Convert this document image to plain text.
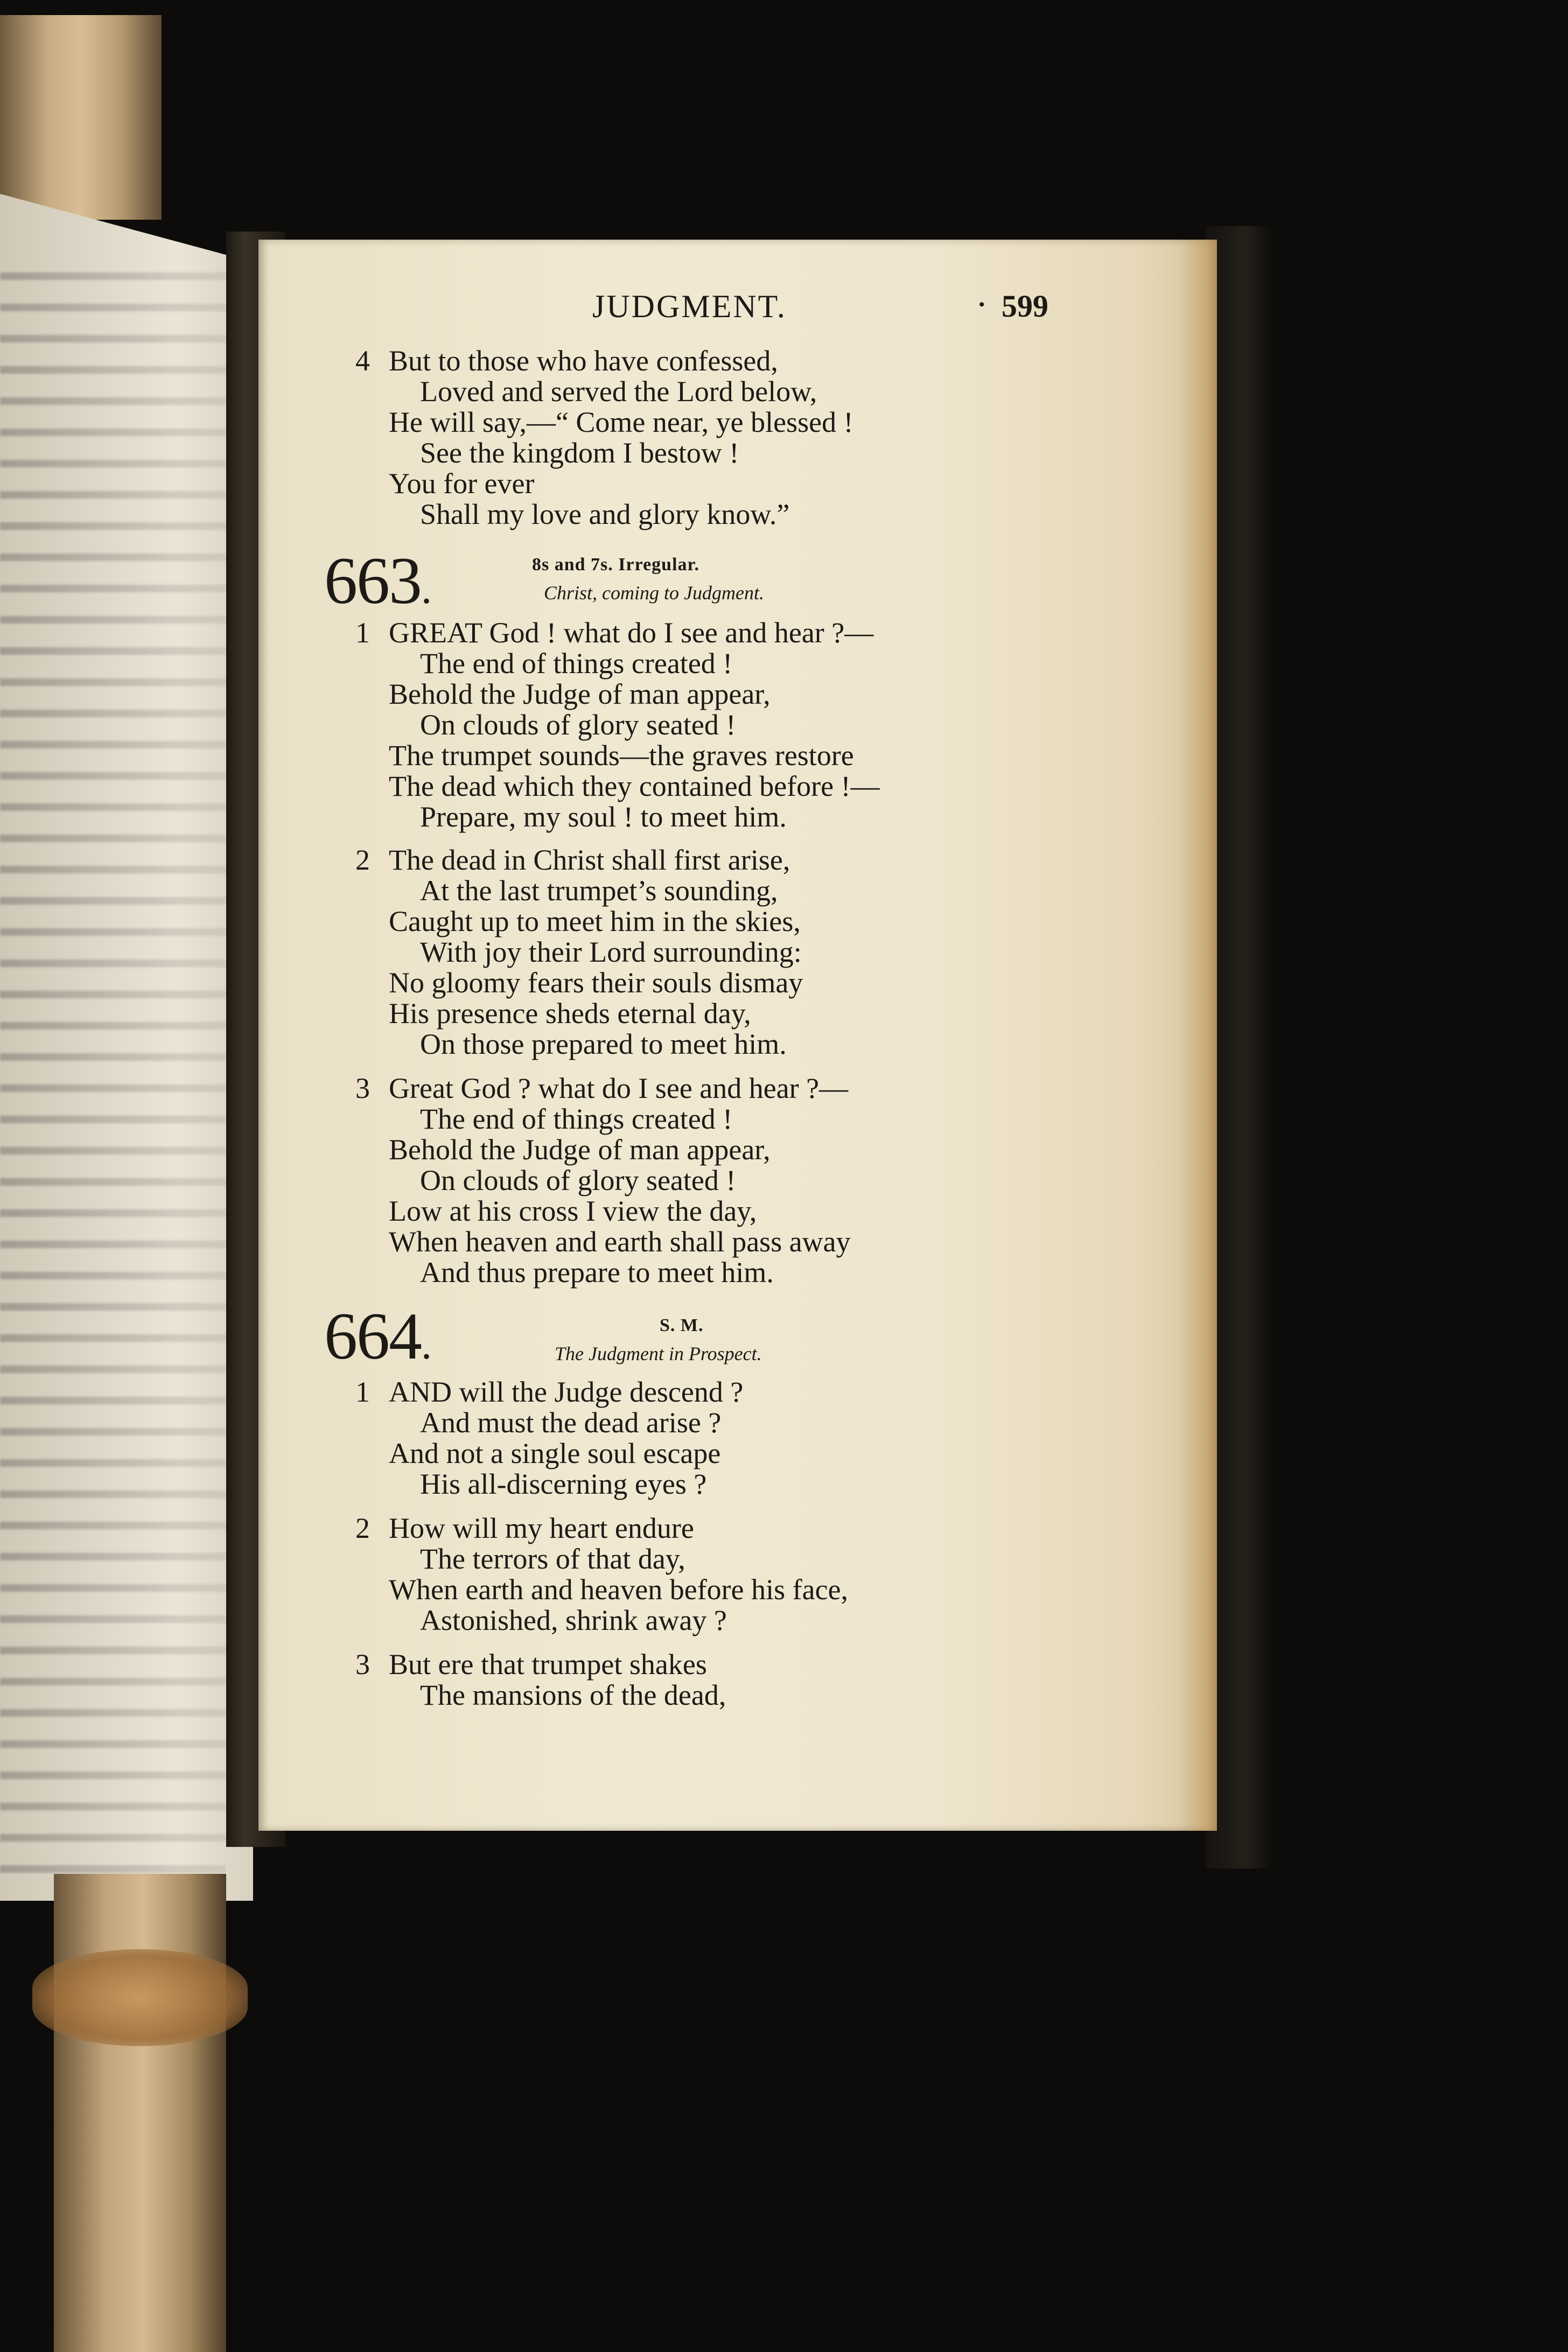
JUDGMENT.
•	599
4 But to those who have confessed,
Loved and served the Lord below,
He will say,—“ Come near, ye blessed !
See the kingdom I bestow !
You for ever
Shall my love and glory know.”
663.
8s and 7s. Irregular.
Christ, coming to Judgment.
1 GREAT God ! what do I see and hear ?—
The end of things created !
Behold the Judge of man appear,
On clouds of glory seated !
The trumpet sounds—the graves restore
The dead which they contained before !—
Prepare, my soul ! to meet him.
2 The dead in Christ shall first arise,
At the last trumpet’s sounding,
Caught up to meet him in the skies,
With joy their Lord surrounding:
No gloomy fears their souls dismay
His presence sheds eternal day,
On those prepared to meet him.
3 Great God ? what do I see and hear ?—
The end of things created !
Behold the Judge of man appear,
On clouds of glory seated !
Low at his cross I view the day,
When heaven and earth shall pass away
And thus prepare to meet him.
664.	S. M.
The Judgment in Prospect.
1 AND will the Judge descend ?
And must the dead arise ?
And not a single soul escape
His all-discerning eyes ?
2 How will my heart endure
The terrors of that day,
When earth and heaven before his face,
Astonished, shrink away ?
3 But ere that trumpet shakes
The mansions of the dead,
